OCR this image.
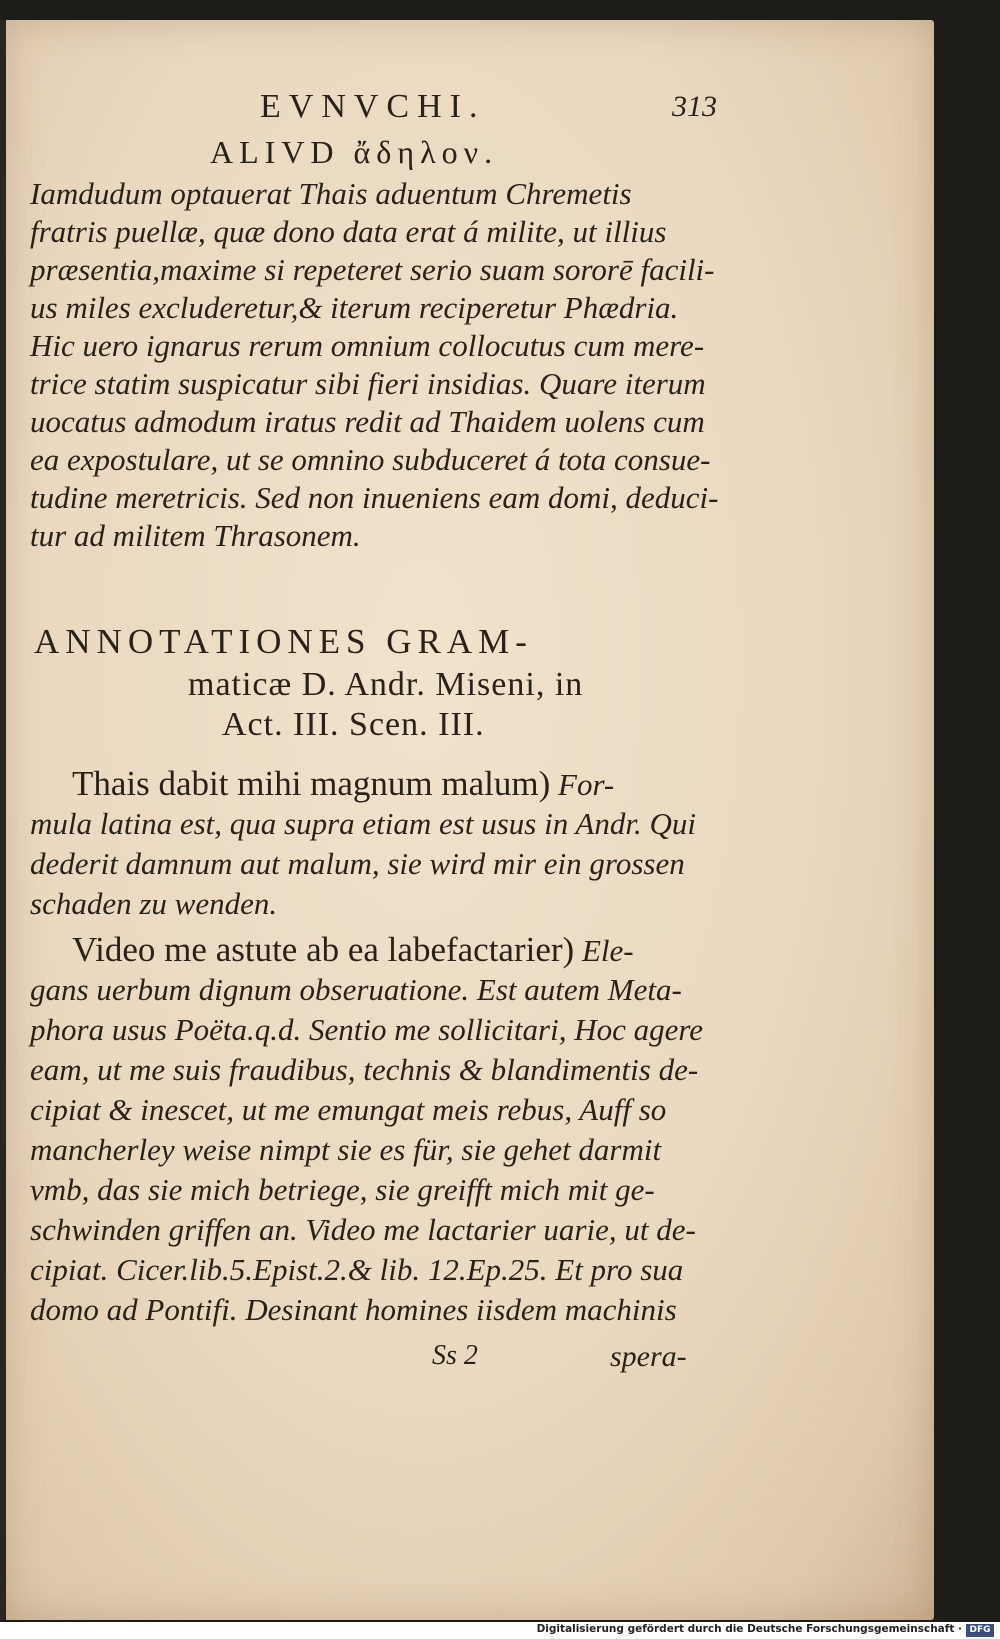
EVNVCHI.	313
ALIVD ἄδηλον.
Iamdudum optauerat Thais aduentum Chremetis
fratris puellæ, quæ dono data erat á milite, ut illius
præsentia,maxime si repeteret serio suam sororē facili-
us miles excluderetur,& iterum reciperetur Phædria.
Hic uero ignarus rerum omnium collocutus cum mere-
trice statim suspicatur sibi fieri insidias. Quare iterum
uocatus admodum iratus redit ad Thaidem uolens cum
ea expostulare, ut se omnino subduceret á tota consue-
tudine meretricis. Sed non inueniens eam domi, deduci-
tur ad militem Thrasonem.
ANNOTATIONES GRAM-
maticæ D. Andr. Miseni, in
Act. III. Scen. III.
Thais dabit mihi magnum malum) For-
mula latina est, qua supra etiam est usus in Andr. Qui
dederit damnum aut malum, sie wird mir ein grossen
schaden zu wenden.
Video me astute ab ea labefactarier) Ele-
gans uerbum dignum obseruatione. Est autem Meta-
phora usus Poëta.q.d. Sentio me sollicitari, Hoc agere
eam, ut me suis fraudibus, technis & blandimentis de-
cipiat & inescet, ut me emungat meis rebus, Auff so
mancherley weise nimpt sie es für, sie gehet darmit
vmb, das sie mich betriege, sie greifft mich mit ge-
schwinden griffen an. Video me lactarier uarie, ut de-
cipiat. Cicer.lib.5.Epist.2.& lib. 12.Ep.25. Et pro sua
domo ad Pontifi. Desinant homines iisdem machinis
Ss 2	spera-
Digitalisierung gefördert durch die Deutsche Forschungsgemeinschaft · DFG
